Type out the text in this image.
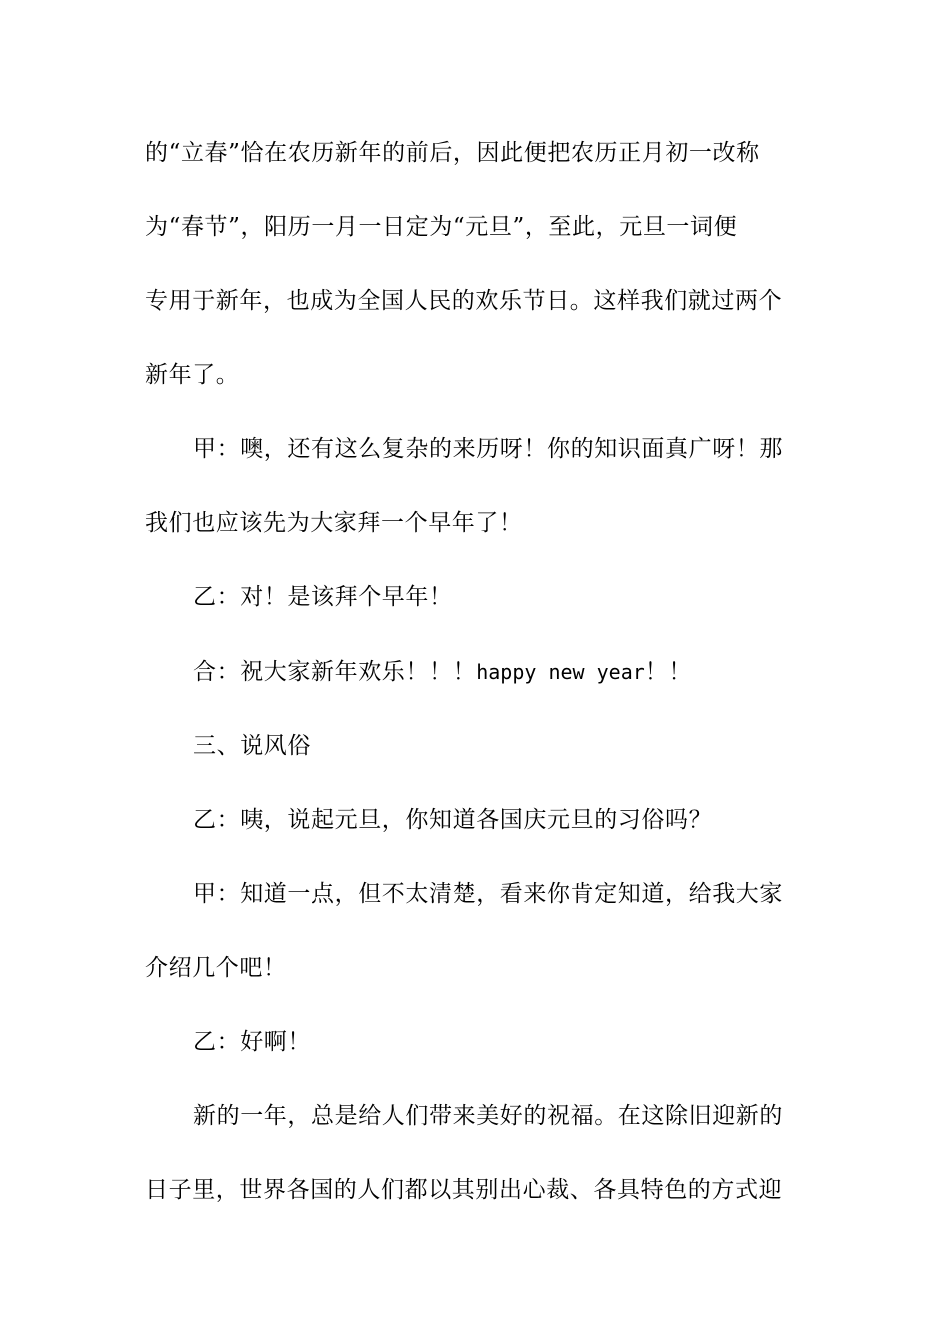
的“立春”恰在农历新年的前后，因此便把农历正月初一改称
为“春节”，阳历一月一日定为“元旦”，至此，元旦一词便
专用于新年，也成为全国人民的欢乐节日。这样我们就过两个
新年了。
甲：噢，还有这么复杂的来历呀！你的知识面真广呀！那
我们也应该先为大家拜一个早年了！
乙：对！是该拜个早年！
合：祝大家新年欢乐！！！happy new year！！
三、说风俗
乙：咦，说起元旦，你知道各国庆元旦的习俗吗？
甲：知道一点，但不太清楚，看来你肯定知道，给我大家
介绍几个吧！
乙：好啊！
新的一年，总是给人们带来美好的祝福。在这除旧迎新的
日子里，世界各国的人们都以其别出心裁、各具特色的方式迎
